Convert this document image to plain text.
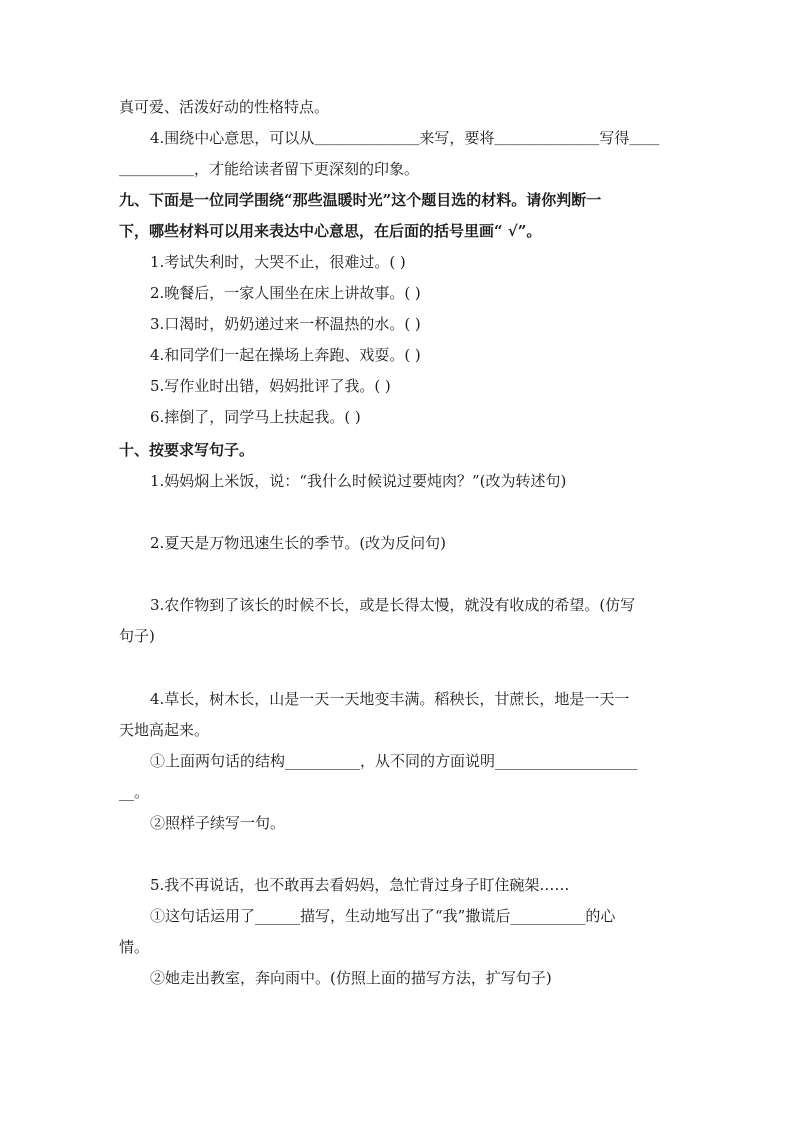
真可爱、活泼好动的性格特点。
4.围绕中心意思，可以从＿＿＿＿＿＿＿来写，要将＿＿＿＿＿＿＿写得＿＿
＿＿＿＿＿，才能给读者留下更深刻的印象。
九、下面是一位同学围绕“那些温暖时光”这个题目选的材料。请你判断一
下，哪些材料可以用来表达中心意思，在后面的括号里画“ √”。
1.考试失利时，大哭不止，很难过。( )
2.晚餐后，一家人围坐在床上讲故事。( )
3.口渴时，奶奶递过来一杯温热的水。( )
4.和同学们一起在操场上奔跑、戏耍。( )
5.写作业时出错，妈妈批评了我。( )
6.摔倒了，同学马上扶起我。( )
十、按要求写句子。
1.妈妈焖上米饭，说：“我什么时候说过要炖肉？”(改为转述句)
2.夏天是万物迅速生长的季节。(改为反问句)
3.农作物到了该长的时候不长，或是长得太慢，就没有收成的希望。(仿写
句子)
4.草长，树木长，山是一天一天地变丰满。稻秧长，甘蔗长，地是一天一
天地高起来。
①上面两句话的结构__________，从不同的方面说明___________________
__。
②照样子续写一句。
5.我不再说话，也不敢再去看妈妈，急忙背过身子盯住碗架……
①这句话运用了______描写，生动地写出了“我”撒谎后__________的心
情。
②她走出教室，奔向雨中。(仿照上面的描写方法，扩写句子)
